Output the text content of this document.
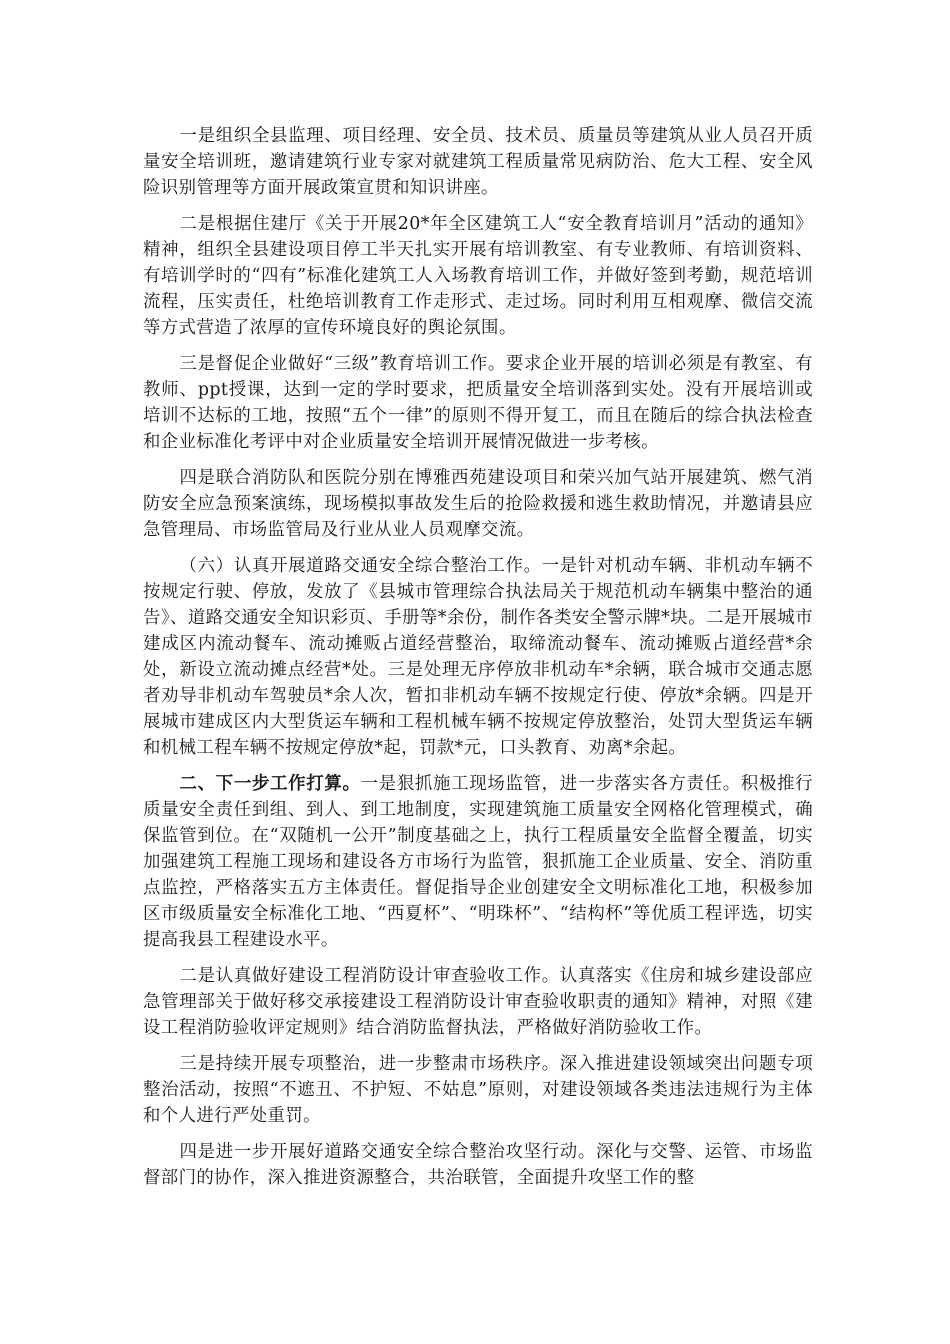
一是组织全县监理、项目经理、安全员、技术员、质量员等建筑从业人员召开质量安全培训班，邀请建筑行业专家对就建筑工程质量常见病防治、危大工程、安全风险识别管理等方面开展政策宣贯和知识讲座。

二是根据住建厅《关于开展20*年全区建筑工人“安全教育培训月”活动的通知》精神，组织全县建设项目停工半天扎实开展有培训教室、有专业教师、有培训资料、有培训学时的“四有”标准化建筑工人入场教育培训工作，并做好签到考勤，规范培训流程，压实责任，杜绝培训教育工作走形式、走过场。同时利用互相观摩、微信交流等方式营造了浓厚的宣传环境良好的舆论氛围。

三是督促企业做好“三级”教育培训工作。要求企业开展的培训必须是有教室、有教师、ppt授课，达到一定的学时要求，把质量安全培训落到实处。没有开展培训或培训不达标的工地，按照“五个一律”的原则不得开复工，而且在随后的综合执法检查和企业标准化考评中对企业质量安全培训开展情况做进一步考核。

四是联合消防队和医院分别在博雅西苑建设项目和荣兴加气站开展建筑、燃气消防安全应急预案演练，现场模拟事故发生后的抢险救援和逃生救助情况，并邀请县应急管理局、市场监管局及行业从业人员观摩交流。

（六）认真开展道路交通安全综合整治工作。一是针对机动车辆、非机动车辆不按规定行驶、停放，发放了《县城市管理综合执法局关于规范机动车辆集中整治的通告》、道路交通安全知识彩页、手册等*余份，制作各类安全警示牌*块。二是开展城市建成区内流动餐车、流动摊贩占道经营整治，取缔流动餐车、流动摊贩占道经营*余处，新设立流动摊点经营*处。三是处理无序停放非机动车*余辆，联合城市交通志愿者劝导非机动车驾驶员*余人次，暂扣非机动车辆不按规定行使、停放*余辆。四是开展城市建成区内大型货运车辆和工程机械车辆不按规定停放整治，处罚大型货运车辆和机械工程车辆不按规定停放*起，罚款*元，口头教育、劝离*余起。

二、下一步工作打算。一是狠抓施工现场监管，进一步落实各方责任。积极推行质量安全责任到组、到人、到工地制度，实现建筑施工质量安全网格化管理模式，确保监管到位。在“双随机一公开”制度基础之上，执行工程质量安全监督全覆盖，切实加强建筑工程施工现场和建设各方市场行为监管，狠抓施工企业质量、安全、消防重点监控，严格落实五方主体责任。督促指导企业创建安全文明标准化工地，积极参加区市级质量安全标准化工地、“西夏杯”、“明珠杯”、“结构杯”等优质工程评选，切实提高我县工程建设水平。

二是认真做好建设工程消防设计审查验收工作。认真落实《住房和城乡建设部应急管理部关于做好移交承接建设工程消防设计审查验收职责的通知》精神，对照《建设工程消防验收评定规则》结合消防监督执法，严格做好消防验收工作。

三是持续开展专项整治，进一步整肃市场秩序。深入推进建设领域突出问题专项整治活动，按照“不遮丑、不护短、不姑息”原则，对建设领域各类违法违规行为主体和个人进行严处重罚。

四是进一步开展好道路交通安全综合整治攻坚行动。深化与交警、运管、市场监督部门的协作，深入推进资源整合，共治联管，全面提升攻坚工作的整
